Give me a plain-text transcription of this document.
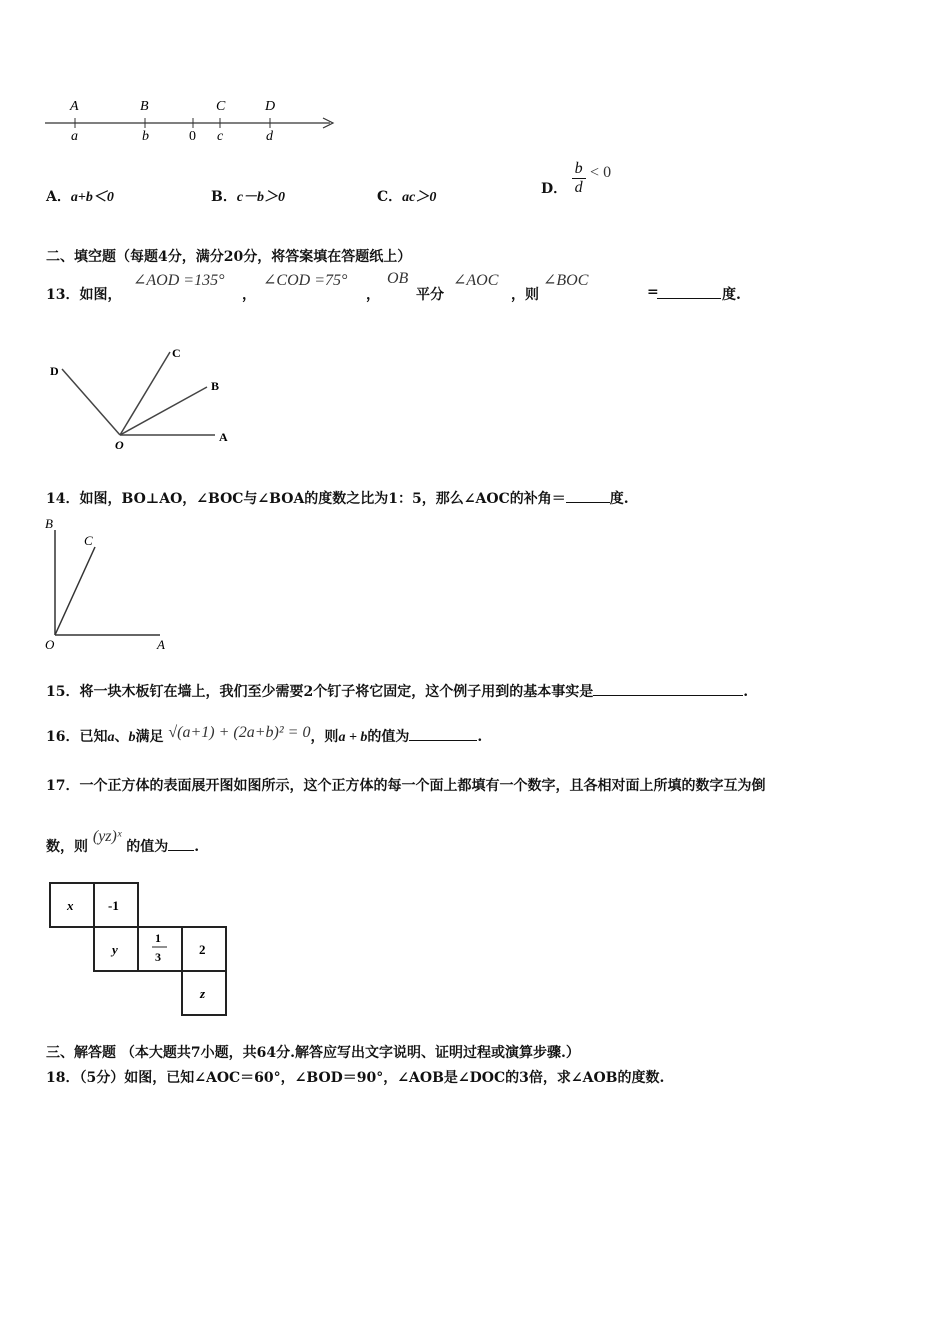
A	B	C	D
a	b	0 c	d
A．a+b＜0	B．c－b＞0	C．ac＞0
D． $\frac{b}{d} < 0$
二、填空题（每题4分，满分20分，将答案填在答题纸上）
13．如图，
∠AOD =135°
，
∠COD =75°
，
OB
平分
∠AOC
，则
∠BOC
=	度.
D
C
B
O
A
14．如图，BO⊥AO，∠BOC与∠BOA的度数之比为1：5，那么∠AOC的补角＝	度.
B
C
O	A
15．将一块木板钉在墙上，我们至少需要2个钉子将它固定，这个例子用到的基本事实是	.
16．已知a、b满足 √(a+1) + (2a+b)² = 0，则a + b的值为	.
17．一个正方体的表面展开图如图所示，这个正方体的每一个面上都填有一个数字，且各相对面上所填的数字互为倒
数，则 (yz)ˣ 的值为 .
x	-1
y
1
3	2
z
三、解答题 （本大题共7小题，共64分.解答应写出文字说明、证明过程或演算步骤.）
18．（5分）如图，已知∠AOC＝60°，∠BOD＝90°，∠AOB是∠DOC的3倍，求∠AOB的度数.
